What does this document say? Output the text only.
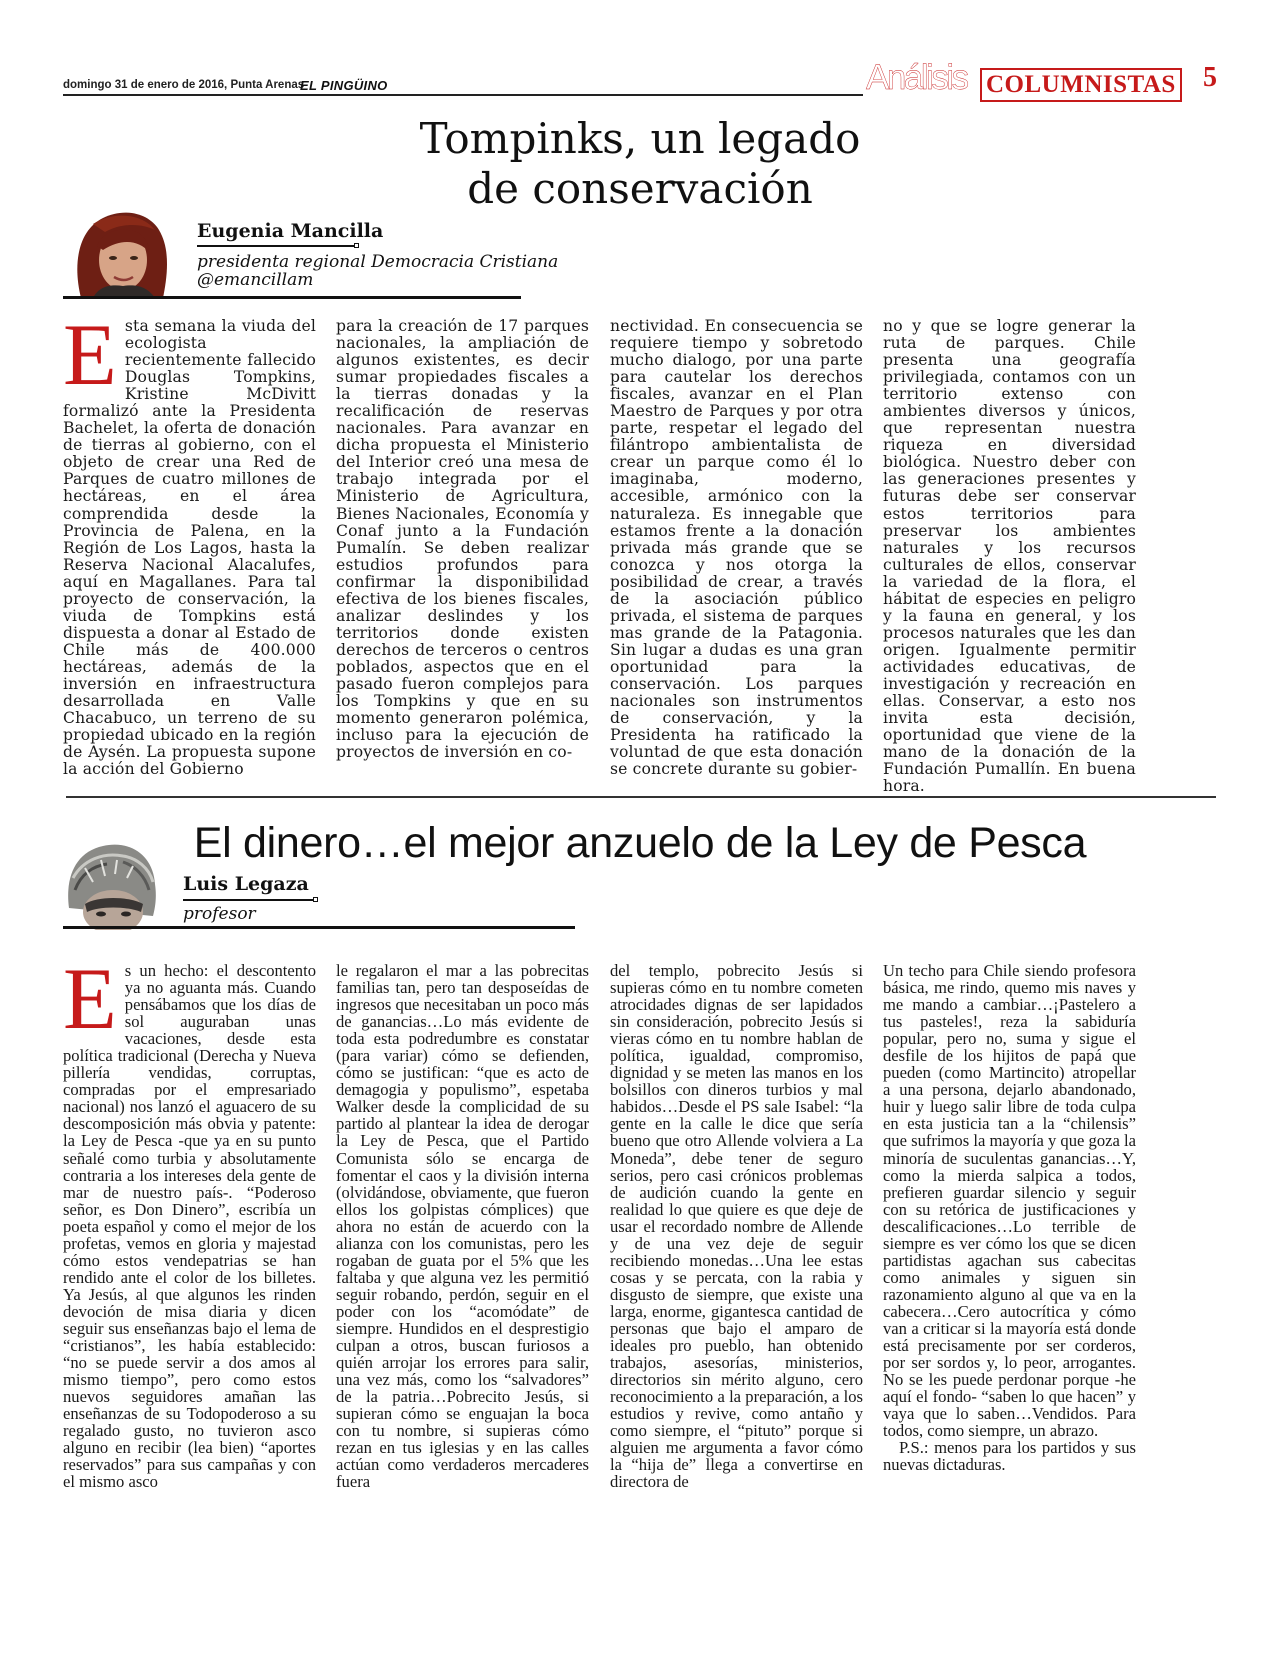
domingo 31 de enero de 2016, Punta Arenas
EL PINGÜINO	Análisis COLUMNISTAS 5
Tompinks, un legado
de conservación
Eugenia Mancilla
presidenta regional Democracia Cristiana
@emancillam
Esta semana la viuda del ecologista recientemente fallecido Douglas Tompkins, Kristine McDivitt formalizó ante la Presidenta Bachelet, la oferta de donación de tierras al gobierno, con el objeto de crear una Red de Parques de cuatro millones de hectáreas, en el área comprendida desde la Provincia de Palena, en la Región de Los Lagos, hasta la Reserva Nacional Alacalufes, aquí en Magallanes. Para tal proyecto de conservación, la viuda de Tompkins está dispuesta a donar al Estado de Chile más de 400.000 hectáreas, además de la inversión en infraestructura desarrollada en Valle Chacabuco, un terreno de su propiedad ubicado en la región de Aysén. La propuesta supone la acción del Gobierno
para la creación de 17 parques nacionales, la ampliación de algunos existentes, es decir sumar propiedades fiscales a la tierras donadas y la recalificación de reservas nacionales. Para avanzar en dicha propuesta el Ministerio del Interior creó una mesa de trabajo integrada por el Ministerio de Agricultura, Bienes Nacionales, Economía y Conaf junto a la Fundación Pumalín. Se deben realizar estudios profundos para confirmar la disponibilidad efectiva de los bienes fiscales, analizar deslindes y los territorios donde existen derechos de terceros o centros poblados, aspectos que en el pasado fueron complejos para los Tompkins y que en su momento generaron polémica, incluso para la ejecución de proyectos de inversión en co-
nectividad. En consecuencia se requiere tiempo y sobretodo mucho dialogo, por una parte para cautelar los derechos fiscales, avanzar en el Plan Maestro de Parques y por otra parte, respetar el legado del filántropo ambientalista de crear un parque como él lo imaginaba, moderno, accesible, armónico con la naturaleza. Es innegable que estamos frente a la donación privada más grande que se conozca y nos otorga la posibilidad de crear, a través de la asociación público privada, el sistema de parques mas grande de la Patagonia. Sin lugar a dudas es una gran oportunidad para la conservación. Los parques nacionales son instrumentos de conservación, y la Presidenta ha ratificado la voluntad de que esta donación se concrete durante su gobier-
no y que se logre generar la ruta de parques. Chile presenta una geografía privilegiada, contamos con un territorio extenso con ambientes diversos y únicos, que representan nuestra riqueza en diversidad biológica. Nuestro deber con las generaciones presentes y futuras debe ser conservar estos territorios para preservar los ambientes naturales y los recursos culturales de ellos, conservar la variedad de la flora, el hábitat de especies en peligro y la fauna en general, y los procesos naturales que les dan origen. Igualmente permitir actividades educativas, de investigación y recreación en ellas. Conservar, a esto nos invita esta decisión, oportunidad que viene de la mano de la donación de la Fundación Pumallín. En buena hora.
El dinero…el mejor anzuelo de la Ley de Pesca
Luis Legaza
profesor
Es un hecho: el descontento ya no aguanta más. Cuando pensábamos que los días de sol auguraban unas vacaciones, desde esta política tradicional (Derecha y Nueva pillería vendidas, corruptas, compradas por el empresariado nacional) nos lanzó el aguacero de su descomposición más obvia y patente: la Ley de Pesca -que ya en su punto señalé como turbia y absolutamente contraria a los intereses dela gente de mar de nuestro país-. “Poderoso señor, es Don Dinero”, escribía un poeta español y como el mejor de los profetas, vemos en gloria y majestad cómo estos vendepatrias se han rendido ante el color de los billetes. Ya Jesús, al que algunos les rinden devoción de misa diaria y dicen seguir sus enseñanzas bajo el lema de “cristianos”, les había establecido: “no se puede servir a dos amos al mismo tiempo”, pero como estos nuevos seguidores amañan las enseñanzas de su Todopoderoso a su regalado gusto, no tuvieron asco alguno en recibir (lea bien) “aportes reservados” para sus campañas y con el mismo asco
le regalaron el mar a las pobrecitas familias tan, pero tan desposeídas de ingresos que necesitaban un poco más de ganancias…Lo más evidente de toda esta podredumbre es constatar (para variar) cómo se defienden, cómo se justifican: “que es acto de demagogia y populismo”, espetaba Walker desde la complicidad de su partido al plantear la idea de derogar la Ley de Pesca, que el Partido Comunista sólo se encarga de fomentar el caos y la división interna (olvidándose, obviamente, que fueron ellos los golpistas cómplices) que ahora no están de acuerdo con la alianza con los comunistas, pero les rogaban de guata por el 5% que les faltaba y que alguna vez les permitió seguir robando, perdón, seguir en el poder con los “acomódate” de siempre. Hundidos en el desprestigio culpan a otros, buscan furiosos a quién arrojar los errores para salir, una vez más, como los “salvadores” de la patria…Pobrecito Jesús, si supieran cómo se enguajan la boca con tu nombre, si supieras cómo rezan en tus iglesias y en las calles actúan como verdaderos mercaderes fuera
del templo, pobrecito Jesús si supieras cómo en tu nombre cometen atrocidades dignas de ser lapidados sin consideración, pobrecito Jesús si vieras cómo en tu nombre hablan de política, igualdad, compromiso, dignidad y se meten las manos en los bolsillos con dineros turbios y mal habidos…Desde el PS sale Isabel: “la gente en la calle le dice que sería bueno que otro Allende volviera a La Moneda”, debe tener de seguro serios, pero casi crónicos problemas de audición cuando la gente en realidad lo que quiere es que deje de usar el recordado nombre de Allende y de una vez deje de seguir recibiendo monedas…Una lee estas cosas y se percata, con la rabia y disgusto de siempre, que existe una larga, enorme, gigantesca cantidad de personas que bajo el amparo de ideales pro pueblo, han obtenido trabajos, asesorías, ministerios, directorios sin mérito alguno, cero reconocimiento a la preparación, a los estudios y revive, como antaño y como siempre, el “pituto” porque si alguien me argumenta a favor cómo la “hija de” llega a convertirse en directora de

Un techo para Chile siendo profesora básica, me rindo, quemo mis naves y me mando a cambiar…¡Pastelero a tus pasteles!, reza la sabiduría popular, pero no, suma y sigue el desfile de los hijitos de papá que pueden (como Martincito) atropellar a una persona, dejarlo abandonado, huir y luego salir libre de toda culpa en esta justicia tan a la “chilensis” que sufrimos la mayoría y que goza la minoría de suculentas ganancias…Y, como la mierda salpica a todos, prefieren guardar silencio y seguir con su retórica de justificaciones y descalificaciones…Lo terrible de siempre es ver cómo los que se dicen partidistas agachan sus cabecitas como animales y siguen sin razonamiento alguno al que va en la cabecera…Cero autocrítica y cómo van a criticar si la mayoría está donde está precisamente por ser corderos, por ser sordos y, lo peor, arrogantes. No se les puede perdonar porque -he aquí el fondo- “saben lo que hacen” y vaya que lo saben…Vendidos. Para todos, como siempre, un abrazo.

P.S.: menos para los partidos y sus nuevas dictaduras.
